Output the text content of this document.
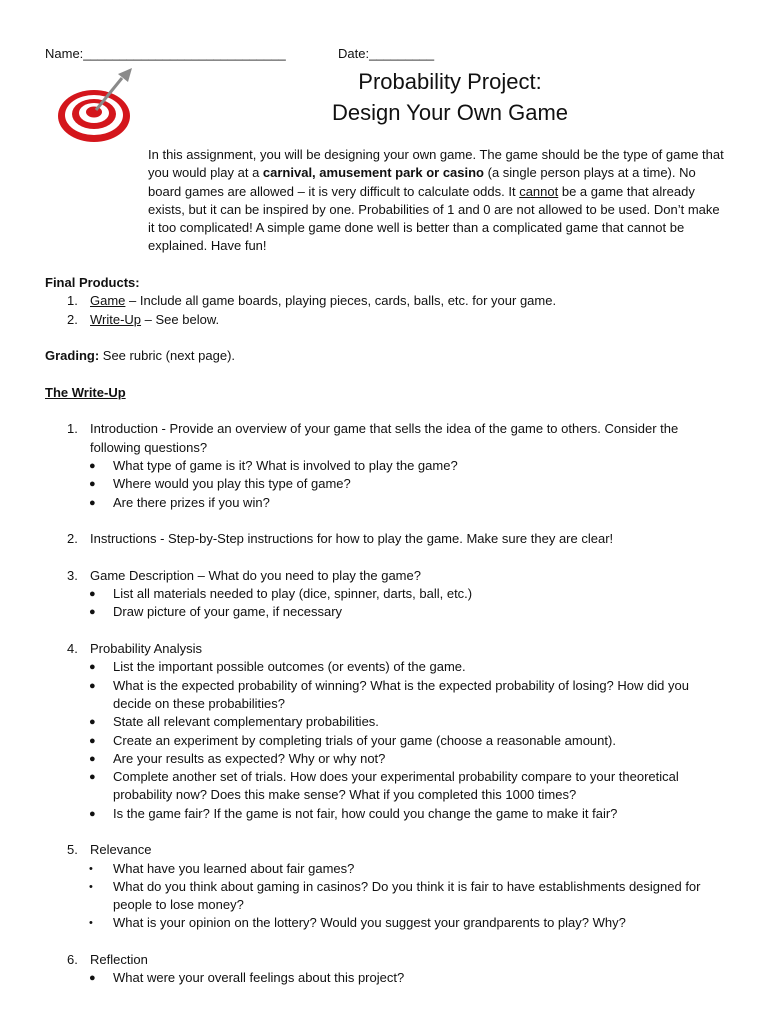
Name:____________________________	Date:_________
Probability Project:
Design Your Own Game

In this assignment, you will be designing your own game. The game should be the type of game that you would play at a carnival, amusement park or casino (a single person plays at a time). No board games are allowed – it is very difficult to calculate odds. It cannot be a game that already exists, but it can be inspired by one. Probabilities of 1 and 0 are not allowed to be used. Don’t make it too complicated! A simple game done well is better than a complicated game that cannot be explained. Have fun!

Final Products:

1. Game – Include all game boards, playing pieces, cards, balls, etc. for your game.
2. Write-Up – See below.

Grading: See rubric (next page).

The Write-Up

1. Introduction - Provide an overview of your game that sells the idea of the game to others. Consider the following questions?
● What type of game is it? What is involved to play the game?
● Where would you play this type of game?
● Are there prizes if you win?
2. Instructions - Step-by-Step instructions for how to play the game. Make sure they are clear!
3. Game Description – What do you need to play the game?
● List all materials needed to play (dice, spinner, darts, ball, etc.)
● Draw picture of your game, if necessary
4. Probability Analysis
● List the important possible outcomes (or events) of the game.
● What is the expected probability of winning? What is the expected probability of losing? How did you decide on these probabilities?
● State all relevant complementary probabilities.
● Create an experiment by completing trials of your game (choose a reasonable amount).
● Are your results as expected? Why or why not?
● Complete another set of trials. How does your experimental probability compare to your theoretical probability now? Does this make sense? What if you completed this 1000 times?
● Is the game fair? If the game is not fair, how could you change the game to make it fair?
5. Relevance
• What have you learned about fair games?
• What do you think about gaming in casinos? Do you think it is fair to have establishments designed for people to lose money?
• What is your opinion on the lottery? Would you suggest your grandparents to play? Why?
6. Reflection
● What were your overall feelings about this project?
